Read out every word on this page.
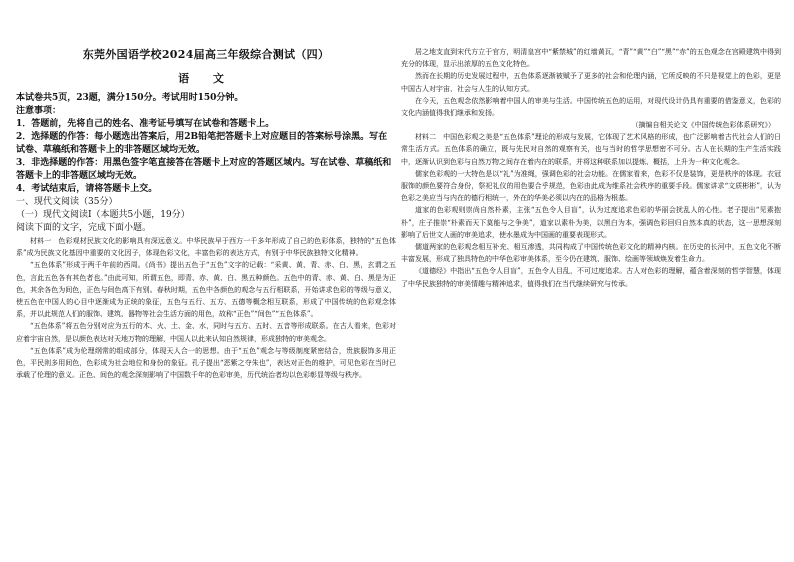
东莞外国语学校2024届高三年级综合测试（四）
语 文

本试卷共5页，23题，满分150分。考试用时150分钟。

注意事项：

1．答题前，先将自己的姓名、准考证号填写在试卷和答题卡上。

2．选择题的作答：每小题选出答案后，用2B铅笔把答题卡上对应题目的答案标号涂黑。写在试卷、草稿纸和答题卡上的非答题区域均无效。

3．非选择题的作答：用黑色签字笔直接答在答题卡上对应的答题区域内。写在试卷、草稿纸和答题卡上的非答题区域均无效。

4．考试结束后，请将答题卡上交。

一、现代文阅读（35分）

（一）现代文阅读Ⅰ（本题共5小题，19分）

阅读下面的文字，完成下面小题。

材料一　色彩观材民族文化的影响具有深远意义。中华民族早于西方一千多年形成了自己的色彩体系，独特的“五色体系”成为民族文化基因中重要的文化因子，体现色彩文化，丰富色彩的表达方式，有别于中华民族独特文化精神。

“五色体系”形成于两千年前的西周。《尚书》提出五色于“五色”文字的记载：“采黄、黄、青、赤、白、黑，玄谓之五色，言此五色各有其色者也。”由此可知，所谓五色，即青、赤、黄、白、黑五种颜色。五色中的青、赤、黄、白、黑是为正色，其余各色为间色，正色与间色高下有别。春秋时期，五色中各颜色的观念与五行相联系，开始讲求色彩的等级与意义，使五色在中国人的心目中逐渐成为正统的象征，五色与五行、五方、五德等概念相互联系，形成了中国传统的色彩观念体系，并以此规范人们的服饰、建筑、器物等社会生活方面的用色，故称“正色”“间色”“五色体系”。

“五色体系”将五色分别对应为五行的木、火、土、金、水，同时与五方、五时、五音等形成联系。在古人看来，色彩对应着宇宙自然，是以颜色表达对天地万物的理解，中国人以此来认知自然规律，形成独特的审美观念。

“五色体系”成为伦理纲常的组成部分，体现天人合一的思想。由于“五色”观念与等级制度紧密结合，贵族服饰多用正色，平民则多用间色，色彩成为社会地位和身份的象征。孔子提出“恶紫之夺朱也”，表达对正色的维护，可见色彩在当时已承载了伦理的意义。正色、间色的观念深刻影响了中国数千年的色彩审美，历代统治者均以色彩彰显等级与秩序。

居之地支直到宋代方立于官方，明清皇宫中“紫禁城”的红墙黄瓦，“青”“黄”“白”“黑”“赤”的五色观念在宫殿建筑中得到充分的体现，显示出浓厚的五色文化特色。

然而在长期的历史发展过程中，五色体系逐渐被赋予了更多的社会和伦理内涵，它所反映的不只是视觉上的色彩，更是中国古人对宇宙、社会与人生的认知方式。

在今天，五色观念依然影响着中国人的审美与生活。中国传统五色的运用，对现代设计仍具有重要的借鉴意义，色彩的文化内涵值得我们继承和发扬。

（摘编自相关论文《中国传统色彩体系研究》）

材料二　中国色彩观之美是“五色体系”理论的形成与发展，它体现了艺术风格的形成，也广泛影响着古代社会人们的日常生活方式。五色体系的确立，既与先民对自然的观察有关，也与当时的哲学思想密不可分。古人在长期的生产生活实践中，逐渐认识到色彩与自然万物之间存在着内在的联系，并将这种联系加以提炼、概括，上升为一种文化观念。

儒家色彩观的一大特色是以“礼”为准绳，强调色彩的社会功能。在儒家看来，色彩不仅是装饰，更是秩序的体现。衣冠服饰的颜色要符合身份，祭祀礼仪的用色要合乎规范，色彩由此成为维系社会秩序的重要手段。儒家讲求“文质彬彬”，认为色彩之美应当与内在的德行相统一，外在的华美必须以内在的品格为根基。

道家的色彩观则崇尚自然朴素，主张“五色令人目盲”，认为过度追求色彩的华丽会扰乱人的心性。老子提出“见素抱朴”，庄子推崇“朴素而天下莫能与之争美”，道家以素朴为美，以黑白为本，强调色彩回归自然本真的状态，这一思想深刻影响了后世文人画的审美追求，使水墨成为中国画的重要表现形式。

儒道两家的色彩观念相互补充、相互渗透，共同构成了中国传统色彩文化的精神内核。在历史的长河中，五色文化不断丰富发展，形成了独具特色的中华色彩审美体系，至今仍在建筑、服饰、绘画等领域焕发着生命力。

《道德经》中指出“五色令人目盲”，五色令人目乱，不可过度追求。古人对色彩的理解，蕴含着深刻的哲学智慧，体现了中华民族独特的审美情趣与精神追求，值得我们在当代继续研究与传承。
